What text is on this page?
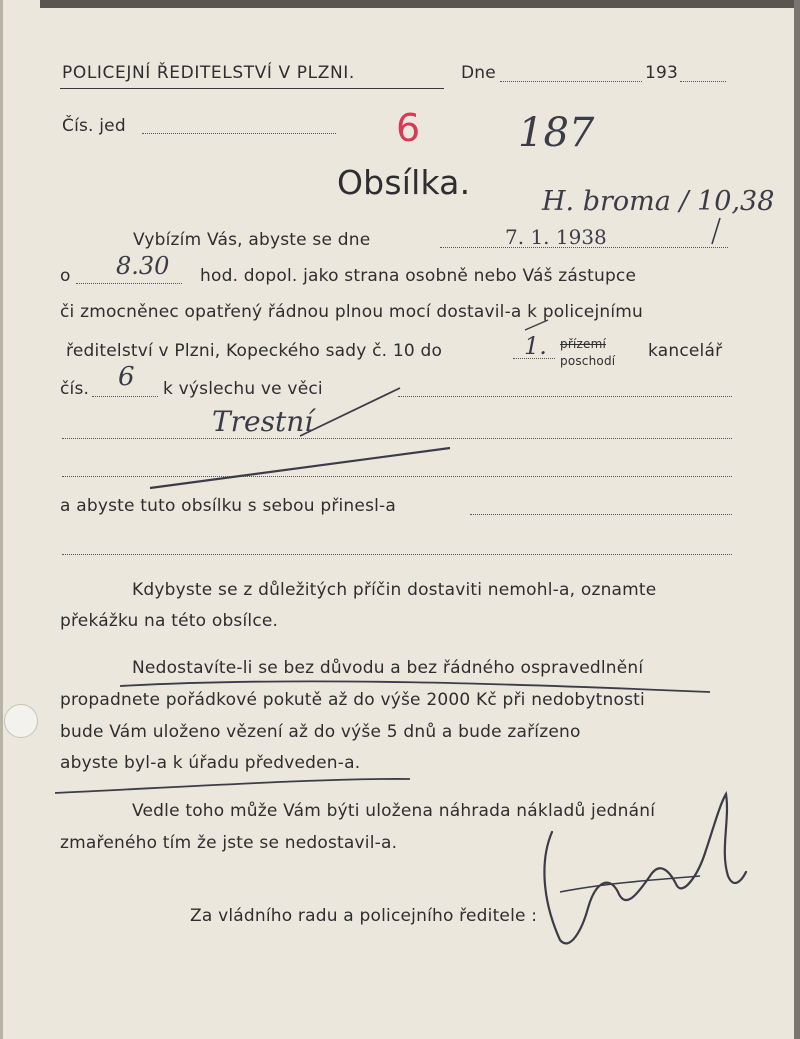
POLICEJNÍ ŘEDITELSTVÍ V PLZNI.	Dne	193
Čís. jed	6 187
Obsílka.	H. broma / 10,38
Vybízím Vás, abyste se dne	7. 1. 1938
o 8.30 hod. dopol. jako strana osobně nebo Váš zástupce
či zmocněnec opatřený řádnou plnou mocí dostavil-a k policejnímu
ředitelství v Plzni, Kopeckého sady č. 10 do	1. přízemí
poschodí kancelář
čís. 6 k výslechu ve věci
Trestní
a abyste tuto obsílku s sebou přinesl-a
Kdybyste se z důležitých příčin dostaviti nemohl-a, oznamte
překážku na této obsílce.
Nedostavíte-li se bez důvodu a bez řádného ospravedlnění
propadnete pořádkové pokutě až do výše 2000 Kč při nedobytnosti
bude Vám uloženo vězení až do výše 5 dnů a bude zařízeno
abyste byl-a k úřadu předveden-a.
Vedle toho může Vám býti uložena náhrada nákladů jednání
zmařeného tím že jste se nedostavil-a.
Za vládního radu a policejního ředitele :
